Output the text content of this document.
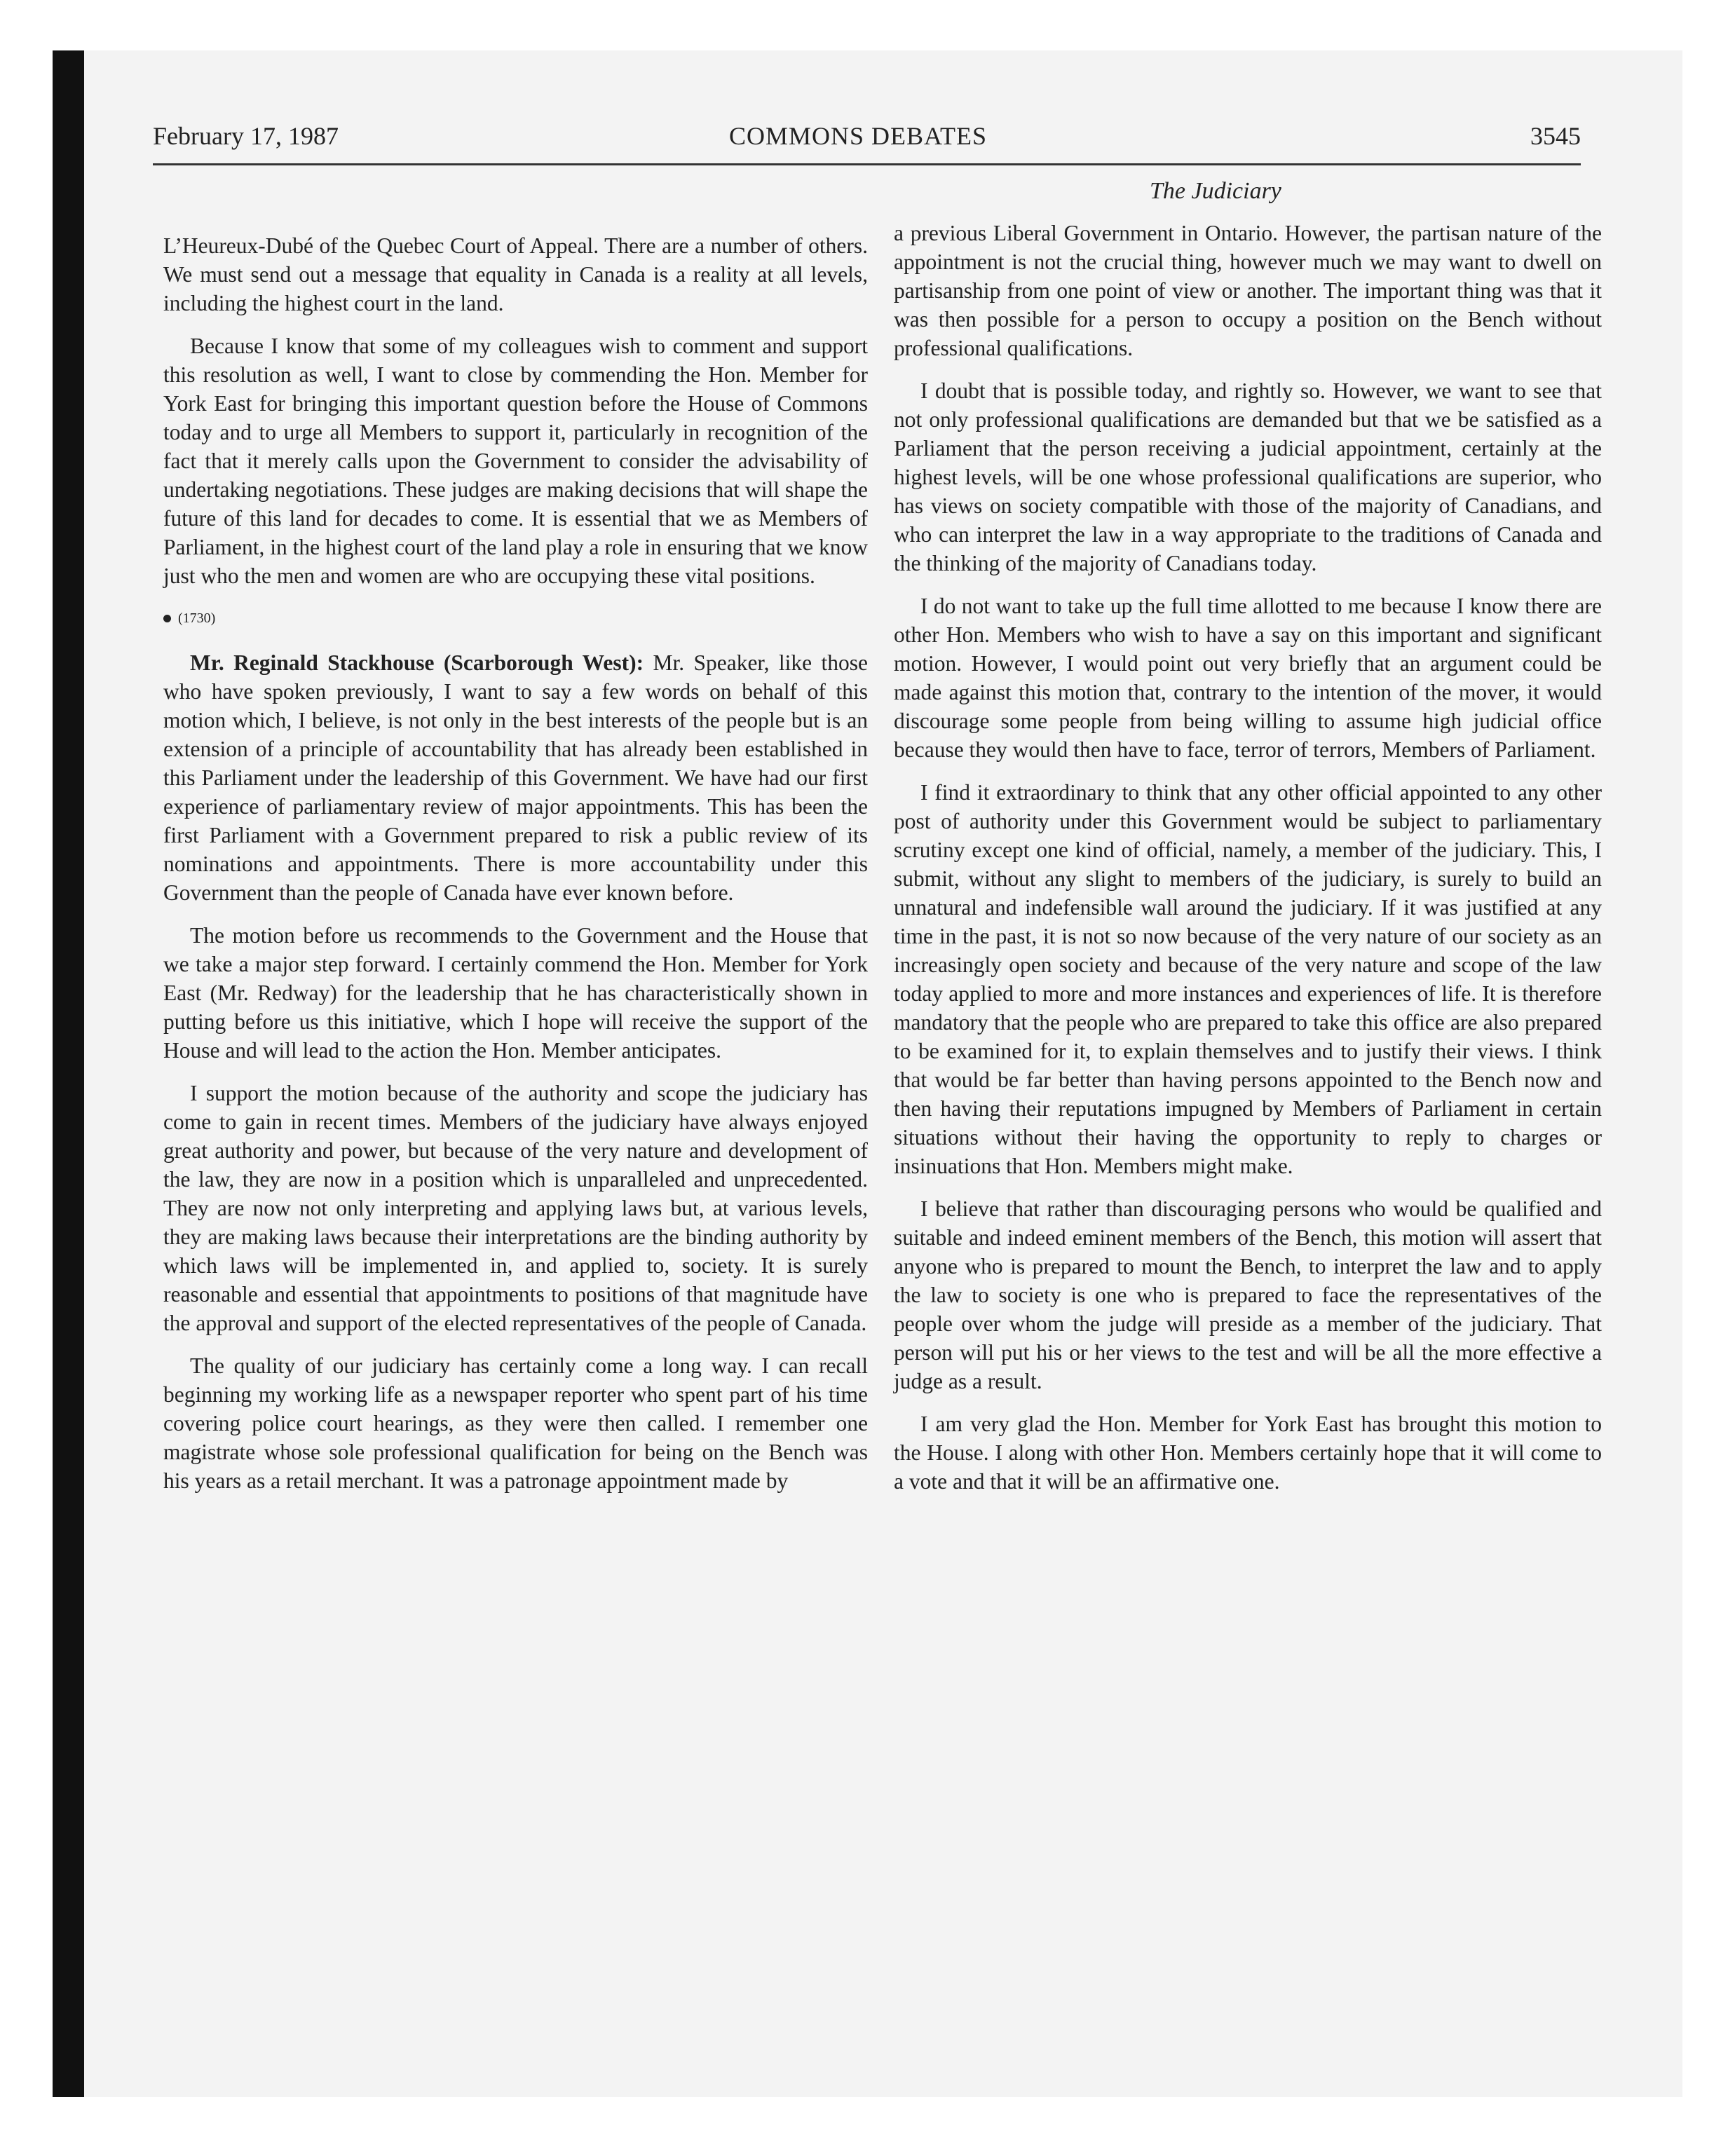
February 17, 1987	COMMONS DEBATES	3545
The Judiciary

L’Heureux-Dubé of the Quebec Court of Appeal. There are a number of others. We must send out a message that equality in Canada is a reality at all levels, including the highest court in the land.

Because I know that some of my colleagues wish to comment and support this resolution as well, I want to close by commending the Hon. Member for York East for bringing this important question before the House of Commons today and to urge all Members to support it, particularly in recognition of the fact that it merely calls upon the Government to consider the advisability of undertaking negotiations. These judges are making decisions that will shape the future of this land for decades to come. It is essential that we as Members of Parliament, in the highest court of the land play a role in ensuring that we know just who the men and women are who are occupying these vital positions.

(1730)

Mr. Reginald Stackhouse (Scarborough West): Mr. Speaker, like those who have spoken previously, I want to say a few words on behalf of this motion which, I believe, is not only in the best interests of the people but is an extension of a principle of accountability that has already been established in this Parliament under the leadership of this Government. We have had our first experience of parliamentary review of major appointments. This has been the first Parliament with a Government prepared to risk a public review of its nominations and appointments. There is more accountability under this Government than the people of Canada have ever known before.

The motion before us recommends to the Government and the House that we take a major step forward. I certainly commend the Hon. Member for York East (Mr. Redway) for the leadership that he has characteristically shown in putting before us this initiative, which I hope will receive the support of the House and will lead to the action the Hon. Member anticipates.

I support the motion because of the authority and scope the judiciary has come to gain in recent times. Members of the judiciary have always enjoyed great authority and power, but because of the very nature and development of the law, they are now in a position which is unparalleled and unprecedented. They are now not only interpreting and applying laws but, at various levels, they are making laws because their interpretations are the binding authority by which laws will be implemented in, and applied to, society. It is surely reasonable and essential that appointments to positions of that magnitude have the approval and support of the elected representatives of the people of Canada.

The quality of our judiciary has certainly come a long way. I can recall beginning my working life as a newspaper reporter who spent part of his time covering police court hearings, as they were then called. I remember one magistrate whose sole professional qualification for being on the Bench was his years as a retail merchant. It was a patronage appointment made by

a previous Liberal Government in Ontario. However, the partisan nature of the appointment is not the crucial thing, however much we may want to dwell on partisanship from one point of view or another. The important thing was that it was then possible for a person to occupy a position on the Bench without professional qualifications.

I doubt that is possible today, and rightly so. However, we want to see that not only professional qualifications are demanded but that we be satisfied as a Parliament that the person receiving a judicial appointment, certainly at the highest levels, will be one whose professional qualifications are superior, who has views on society compatible with those of the majority of Canadians, and who can interpret the law in a way appropriate to the traditions of Canada and the thinking of the majority of Canadians today.

I do not want to take up the full time allotted to me because I know there are other Hon. Members who wish to have a say on this important and significant motion. However, I would point out very briefly that an argument could be made against this motion that, contrary to the intention of the mover, it would discourage some people from being willing to assume high judicial office because they would then have to face, terror of terrors, Members of Parliament.

I find it extraordinary to think that any other official appointed to any other post of authority under this Government would be subject to parliamentary scrutiny except one kind of official, namely, a member of the judiciary. This, I submit, without any slight to members of the judiciary, is surely to build an unnatural and indefensible wall around the judiciary. If it was justified at any time in the past, it is not so now because of the very nature of our society as an increasingly open society and because of the very nature and scope of the law today applied to more and more instances and experiences of life. It is therefore mandatory that the people who are prepared to take this office are also prepared to be examined for it, to explain themselves and to justify their views. I think that would be far better than having persons appointed to the Bench now and then having their reputations impugned by Members of Parliament in certain situations without their having the opportunity to reply to charges or insinuations that Hon. Members might make.

I believe that rather than discouraging persons who would be qualified and suitable and indeed eminent members of the Bench, this motion will assert that anyone who is prepared to mount the Bench, to interpret the law and to apply the law to society is one who is prepared to face the representatives of the people over whom the judge will preside as a member of the judiciary. That person will put his or her views to the test and will be all the more effective a judge as a result.

I am very glad the Hon. Member for York East has brought this motion to the House. I along with other Hon. Members certainly hope that it will come to a vote and that it will be an affirmative one.
